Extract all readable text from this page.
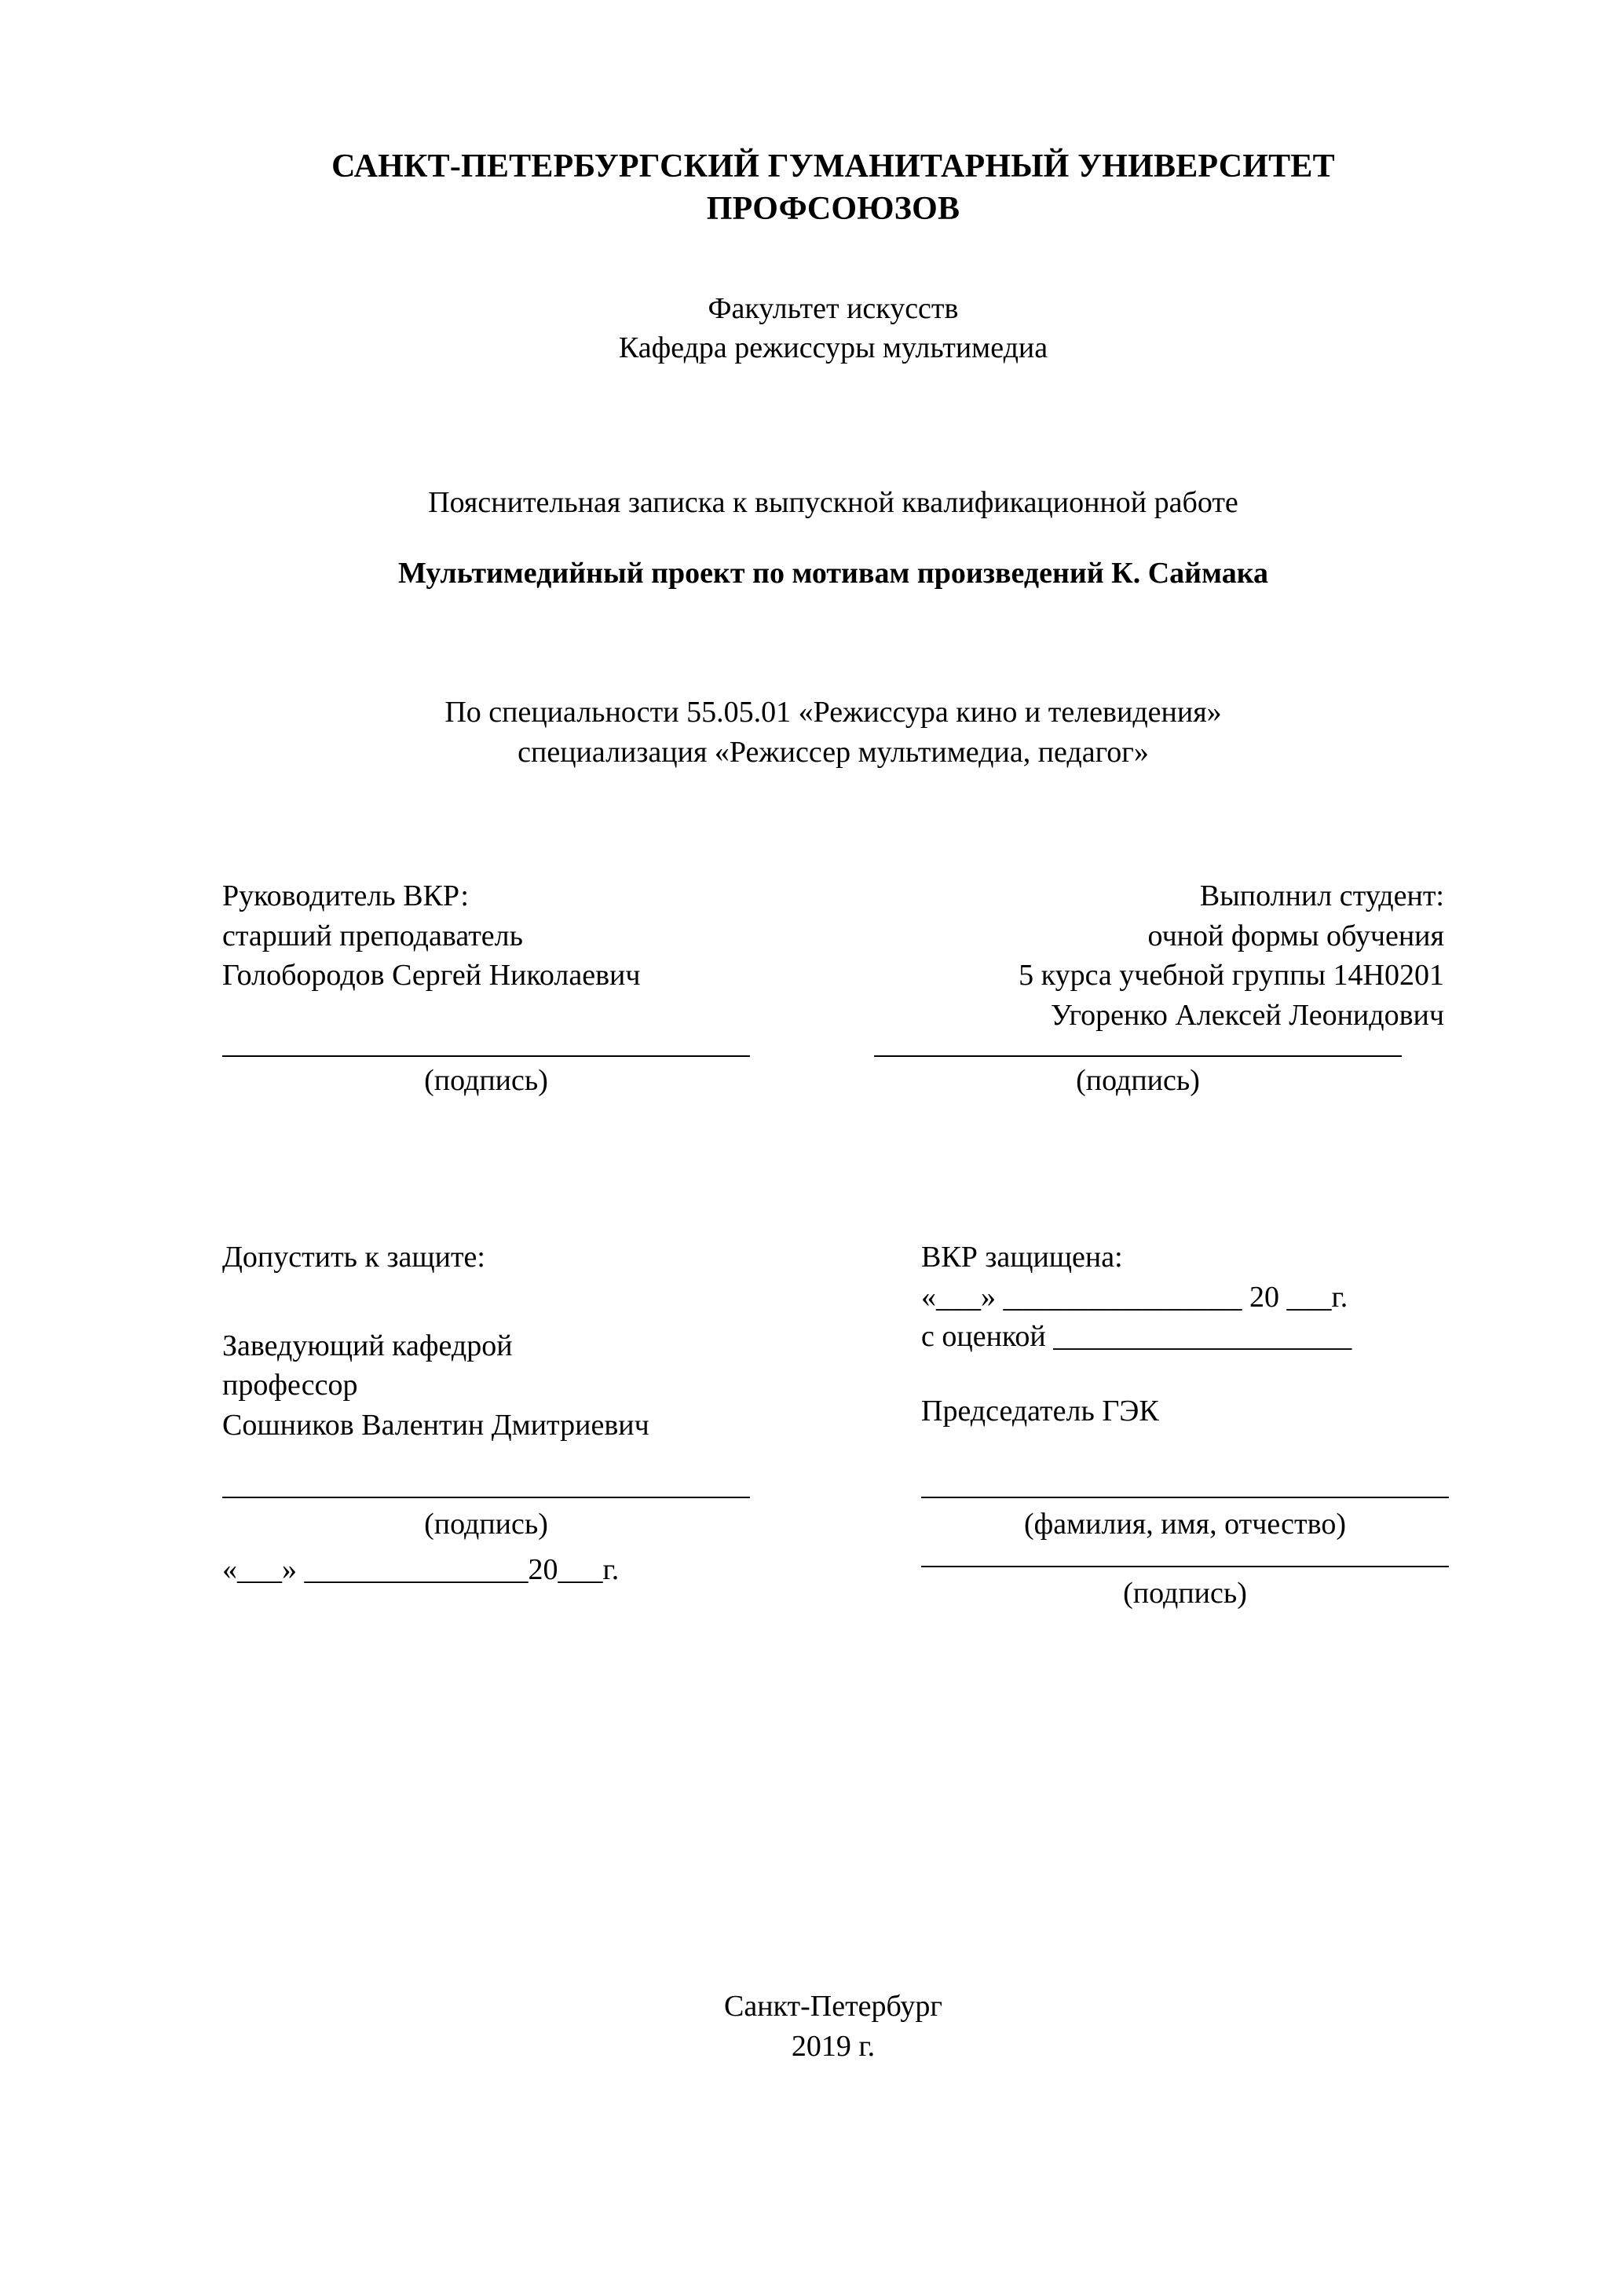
САНКТ-ПЕТЕРБУРГСКИЙ ГУМАНИТАРНЫЙ УНИВЕРСИТЕТ ПРОФСОЮЗОВ
Факультет искусств
Кафедра режиссуры мультимедиа
Пояснительная записка к выпускной квалификационной работе
Мультимедийный проект по мотивам произведений К. Саймака
По специальности 55.05.01 «Режиссура кино и телевидения»
специализация «Режиссер мультимедиа, педагог»
Руководитель ВКР:
старший преподаватель
Голобородов Сергей Николаевич
Выполнил студент:
очной формы обучения
5 курса учебной группы 14Н0201
Угоренко Алексей Леонидович
(подпись)	(подпись)
Допустить к защите:
Заведующий кафедрой
профессор
Сошников Валентин Дмитриевич
ВКР защищена:
«___» ________________ 20 ___г.
с оценкой ____________________
Председатель ГЭК
(подпись)
«___» _______________20___г.
(фамилия, имя, отчество)
(подпись)
Санкт-Петербург
2019 г.
